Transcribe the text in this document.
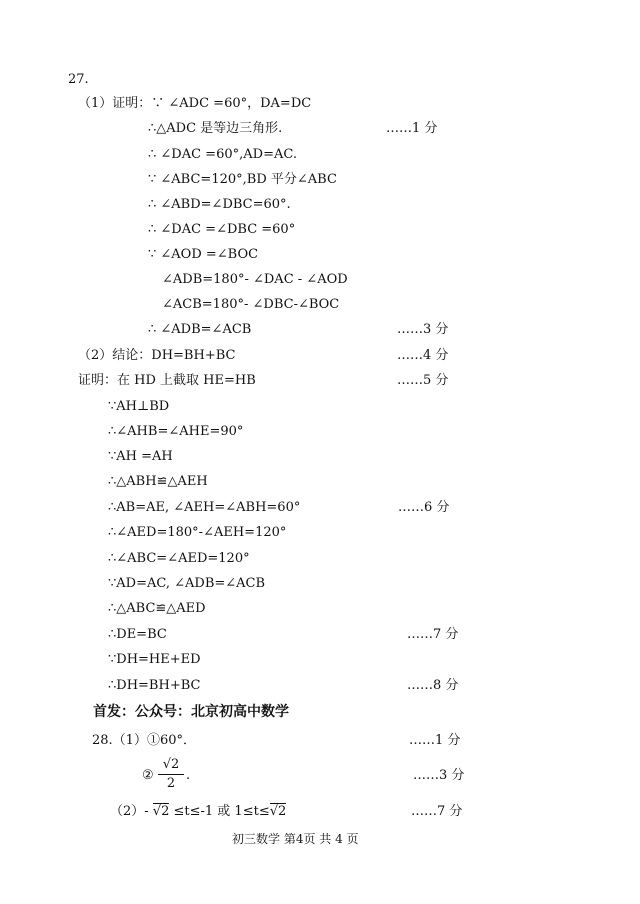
27.
（1）证明：∵ ∠ADC =60°，DA=DC
∴△ADC 是等边三角形.	……1 分
∴ ∠DAC =60°,AD=AC.
∵ ∠ABC=120°,BD 平分∠ABC
∴ ∠ABD=∠DBC=60°.
∴ ∠DAC =∠DBC =60°
∵ ∠AOD =∠BOC
∠ADB=180°- ∠DAC - ∠AOD
∠ACB=180°- ∠DBC-∠BOC
∴ ∠ADB=∠ACB	……3 分
（2）结论：DH=BH+BC	……4 分
证明：在 HD 上截取 HE=HB	……5 分
∵AH⊥BD
∴∠AHB=∠AHE=90°
∵AH =AH
∴△ABH≌△AEH
∴AB=AE, ∠AEH=∠ABH=60°	……6 分
∴∠AED=180°-∠AEH=120°
∴∠ABC=∠AED=120°
∵AD=AC, ∠ADB=∠ACB
∴△ABC≌△AED
∴DE=BC	……7 分
∵DH=HE+ED
∴DH=BH+BC	……8 分
首发：公众号：北京初高中数学
28.（1）①60°．	……1 分
②
√2
2
.	……3 分
（2）- √2 ≤t≤-1 或 1≤t≤√2	……7 分
初三数学 第4页 共 4 页
